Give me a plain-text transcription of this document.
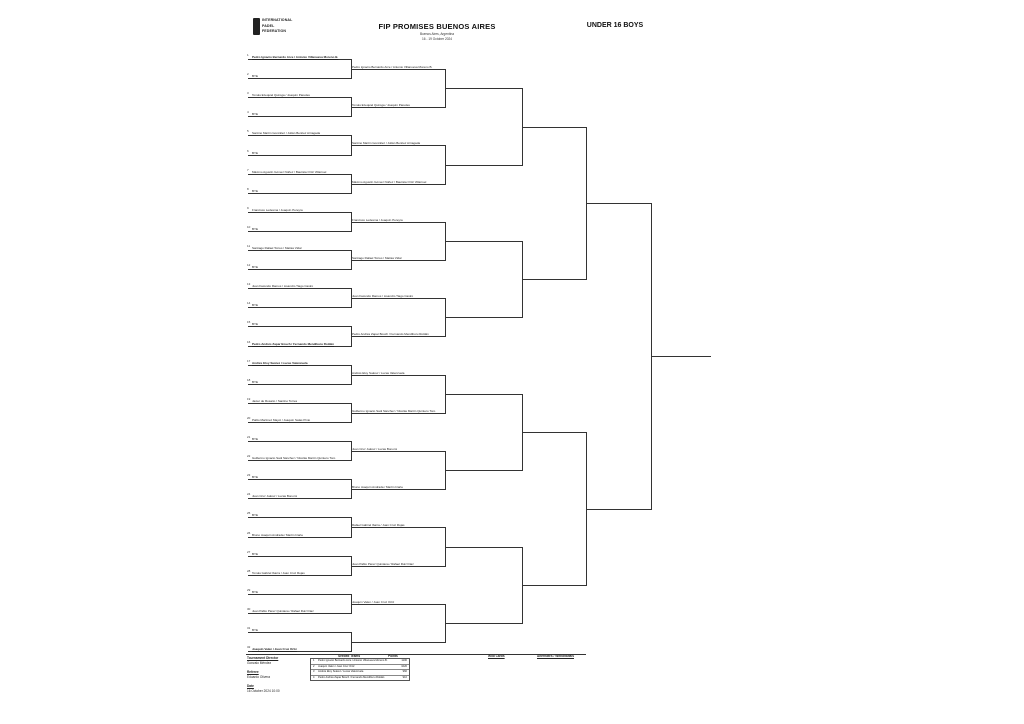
INTERNATIONAL
PADEL
FEDERATION	FIP PROMISES BUENOS AIRES
Buenos Aires, Argentina
16 - 19 October 2024
UNDER 16 BOYS
1 Pedro Ignacio Bernardo Arce / Antonio Villanueva Moreno B.
2 BYE
3 Tomás Ezequiel Quiroga / Joaquín Paredes
4 BYE
5 Santino Martín González / Julián Benítez Arriagada
6 BYE
7 Máximo Agustín Gómez Núñez / Bautista Ortiz Villarruel
8 BYE
9 Francisco Ledesma / Joaquín Pereyra
10 BYE
11 Santiago Rafael Torres / Matías Vidal
12 BYE
13 Juan Facundo Ramos / Lisandro Tiago Castro
14 BYE
15 BYE
16 Pedro Andrés Zapar Bosch / Fernando Mendiburu Roldán
17 Andrés Eloy Suárez / Lucas Valenzuela
18 BYE
19 Javier de Rosario / Santino Torres
20 Pablo Martínez Mayol / Joaquín Salas Pinto
21 BYE
22 Guillermo Ignacio Saúl Sánchez / Nicolás Martín Quintero Toro
23 BYE
24 Juan Cruz Juárez / Lucas Bonomi
25 BYE
26 Bruno Joaquín Andrada / Martín Iriarte
27 BYE
28 Tomás Gabriel Ibarra / Juan Cruz Rojas
29 BYE
30 Juan Pablo Pérez Quintana / Rafael Ruiz Díaz
31 BYE
32 Joaquín Valen / Juan Cruz Ortiz
Pedro Ignacio Bernardo Arce / Antonio Villanueva Moreno B.
Tomás Ezequiel Quiroga / Joaquín Paredes
Santino Martín González / Julián Benítez Arriagada
Máximo Agustín Gómez Núñez / Bautista Ortiz Villarruel
Francisco Ledesma / Joaquín Pereyra
Santiago Rafael Torres / Matías Vidal
Juan Facundo Ramos / Lisandro Tiago Castro
Pedro Andrés Zapar Bosch / Fernando Mendiburu Roldán
Andrés Eloy Suárez / Lucas Valenzuela
Guillermo Ignacio Saúl Sánchez / Nicolás Martín Quintero Toro
Juan Cruz Juárez / Lucas Bonomi
Bruno Joaquín Andrada / Martín Iriarte
Rafael Gabriel Ibarra / Juan Cruz Rojas
Juan Pablo Pérez Quintana / Rafael Ruiz Díaz
Joaquín Valen / Juan Cruz Ortiz
Tournament Director
Gonzalo Méndez
Referee
Eduardo Olivera
Date
16 October 2024 10:00
Seeded Teams	Points
1 Pedro Ignacio Bernardo Arce / Antonio Villanueva Moreno B.	1100
2 Joaquín Valen / Juan Cruz Ortiz	1020
3 Andrés Eloy Suárez / Lucas Valenzuela	960
4 Pedro Andrés Zapar Bosch / Fernando Mendiburu Roldán	910
Wild Cards	Alternates / Withdrawals
